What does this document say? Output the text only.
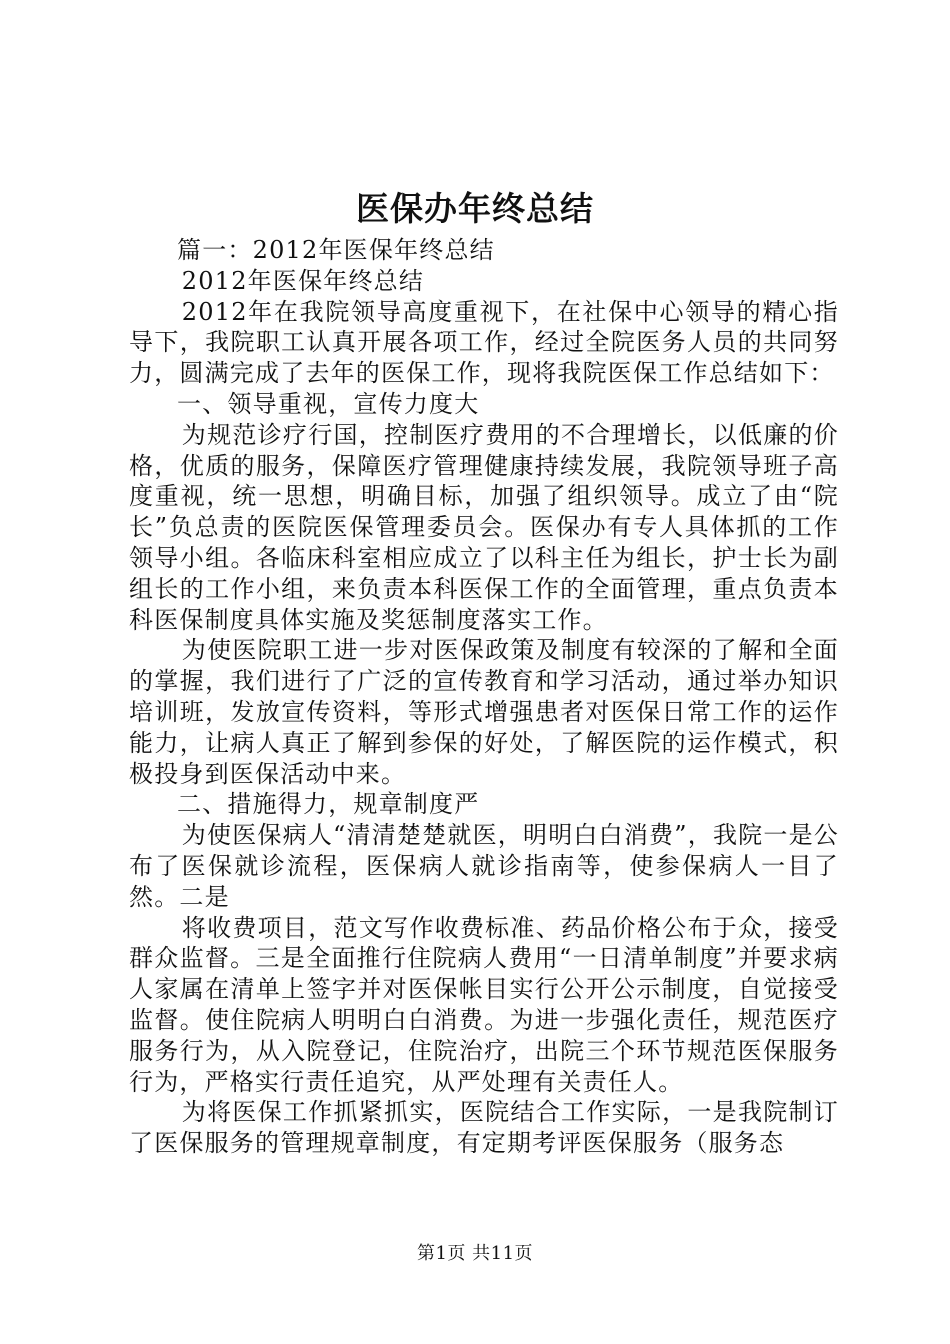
医保办年终总结

篇一：2012年医保年终总结

2012年医保年终总结

2012年在我院领导高度重视下，在社保中心领导的精心指导下，我院职工认真开展各项工作，经过全院医务人员的共同努力，圆满完成了去年的医保工作，现将我院医保工作总结如下：

一、领导重视，宣传力度大

为规范诊疗行国，控制医疗费用的不合理增长，以低廉的价格，优质的服务，保障医疗管理健康持续发展，我院领导班子高度重视，统一思想，明确目标，加强了组织领导。成立了由“院长”负总责的医院医保管理委员会。医保办有专人具体抓的工作领导小组。各临床科室相应成立了以科主任为组长，护士长为副组长的工作小组，来负责本科医保工作的全面管理，重点负责本科医保制度具体实施及奖惩制度落实工作。

为使医院职工进一步对医保政策及制度有较深的了解和全面的掌握，我们进行了广泛的宣传教育和学习活动，通过举办知识培训班，发放宣传资料，等形式增强患者对医保日常工作的运作能力，让病人真正了解到参保的好处，了解医院的运作模式，积极投身到医保活动中来。

二、措施得力，规章制度严

为使医保病人“清清楚楚就医，明明白白消费”，我院一是公布了医保就诊流程，医保病人就诊指南等，使参保病人一目了然。二是

将收费项目，范文写作收费标准、药品价格公布于众，接受群众监督。三是全面推行住院病人费用“一日清单制度”并要求病人家属在清单上签字并对医保帐目实行公开公示制度，自觉接受监督。使住院病人明明白白消费。为进一步强化责任，规范医疗服务行为，从入院登记，住院治疗，出院三个环节规范医保服务行为，严格实行责任追究，从严处理有关责任人。

为将医保工作抓紧抓实，医院结合工作实际，一是我院制订了医保服务的管理规章制度，有定期考评医保服务（服务态

第1页 共11页
